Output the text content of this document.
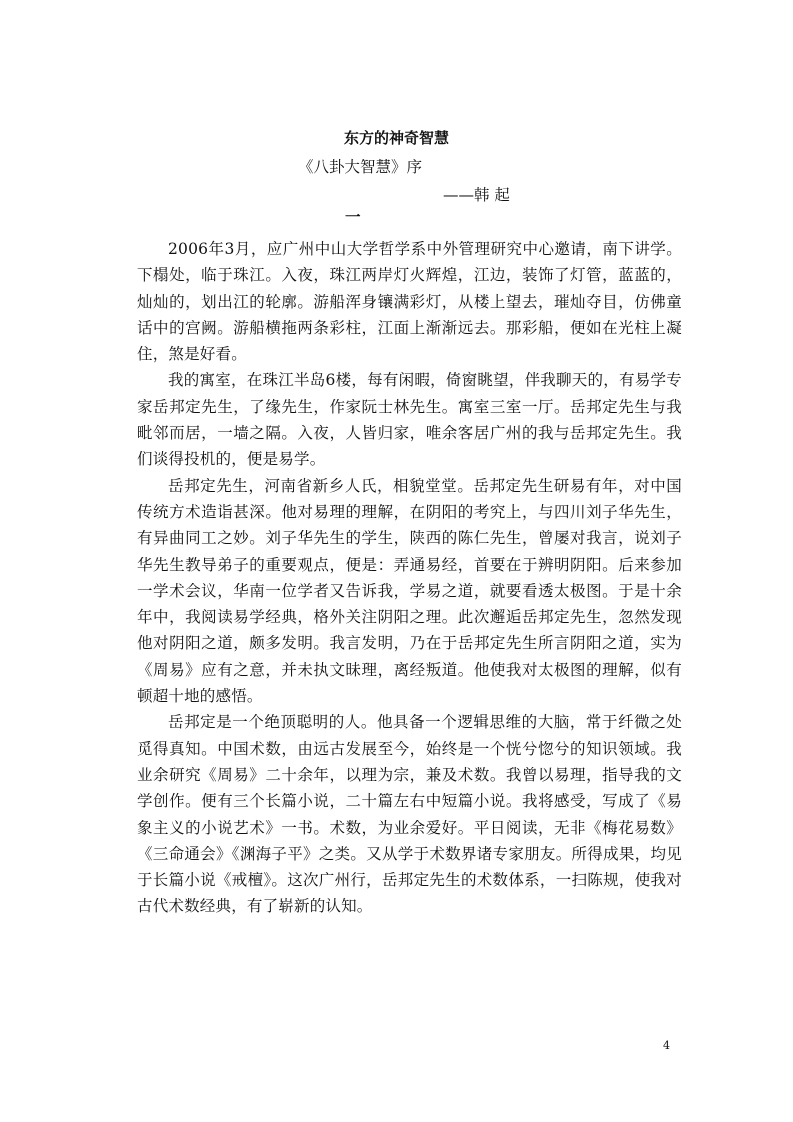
东方的神奇智慧
《八卦大智慧》序
——韩 起
一

2006年3月，应广州中山大学哲学系中外管理研究中心邀请，南下讲学。下榻处，临于珠江。入夜，珠江两岸灯火辉煌，江边，装饰了灯管，蓝蓝的，灿灿的，划出江的轮廓。游船浑身镶满彩灯，从楼上望去，璀灿夺目，仿佛童话中的宫阙。游船横拖两条彩柱，江面上渐渐远去。那彩船，便如在光柱上凝住，煞是好看。

我的寓室，在珠江半岛6楼，每有闲暇，倚窗眺望，伴我聊天的，有易学专家岳邦定先生，了缘先生，作家阮士林先生。寓室三室一厅。岳邦定先生与我毗邻而居，一墙之隔。入夜，人皆归家，唯余客居广州的我与岳邦定先生。我们谈得投机的，便是易学。

岳邦定先生，河南省新乡人氏，相貌堂堂。岳邦定先生研易有年，对中国传统方术造诣甚深。他对易理的理解，在阴阳的考究上，与四川刘子华先生，有异曲同工之妙。刘子华先生的学生，陕西的陈仁先生，曾屡对我言，说刘子华先生教导弟子的重要观点，便是：弄通易经，首要在于辨明阴阳。后来参加一学术会议，华南一位学者又告诉我，学易之道，就要看透太极图。于是十余年中，我阅读易学经典，格外关注阴阳之理。此次邂逅岳邦定先生，忽然发现他对阴阳之道，颇多发明。我言发明，乃在于岳邦定先生所言阴阳之道，实为《周易》应有之意，并未执文昧理，离经叛道。他使我对太极图的理解，似有顿超十地的感悟。

岳邦定是一个绝顶聪明的人。他具备一个逻辑思维的大脑，常于纤微之处觅得真知。中国术数，由远古发展至今，始终是一个恍兮惚兮的知识领域。我业余研究《周易》二十余年，以理为宗，兼及术数。我曾以易理，指导我的文学创作。便有三个长篇小说，二十篇左右中短篇小说。我将感受，写成了《易象主义的小说艺术》一书。术数，为业余爱好。平日阅读，无非《梅花易数》《三命通会》《渊海子平》之类。又从学于术数界诸专家朋友。所得成果，均见于长篇小说《戒檀》。这次广州行，岳邦定先生的术数体系，一扫陈规，使我对古代术数经典，有了崭新的认知。

4
